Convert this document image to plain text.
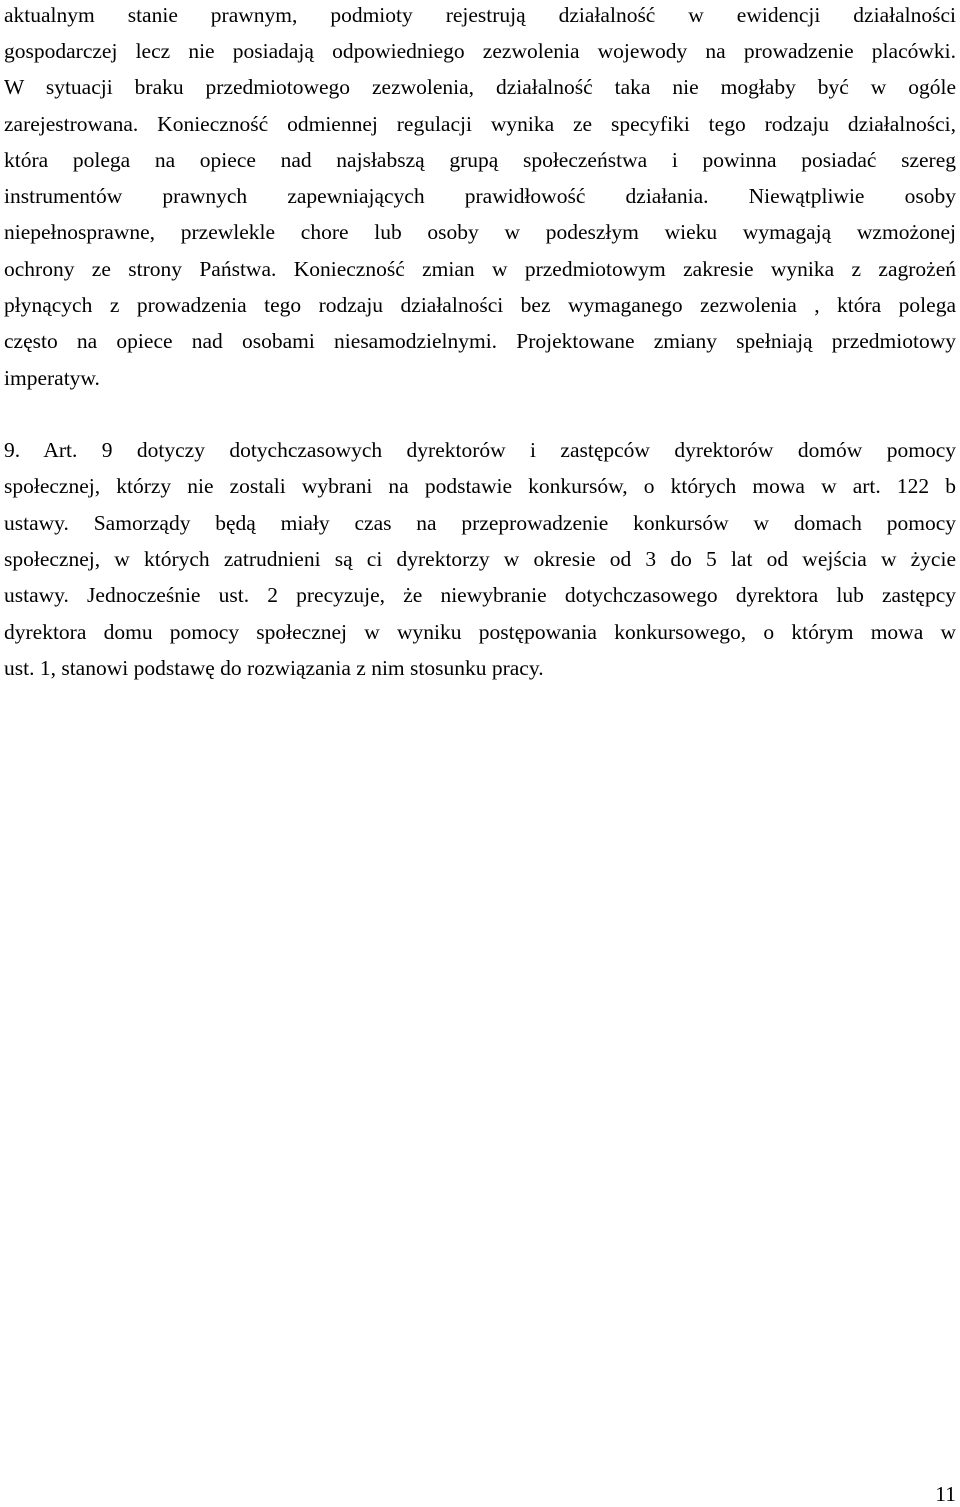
aktualnym stanie prawnym, podmioty rejestrują działalność w ewidencji działalności
gospodarczej lecz nie posiadają odpowiedniego zezwolenia wojewody na prowadzenie placówki.
W sytuacji braku przedmiotowego zezwolenia, działalność taka nie mogłaby być w ogóle
zarejestrowana. Konieczność odmiennej regulacji wynika ze specyfiki tego rodzaju działalności,
która polega na opiece nad najsłabszą grupą społeczeństwa i powinna posiadać szereg
instrumentów prawnych zapewniających prawidłowość działania. Niewątpliwie osoby
niepełnosprawne, przewlekle chore lub osoby w podeszłym wieku wymagają wzmożonej
ochrony ze strony Państwa. Konieczność zmian w przedmiotowym zakresie wynika z zagrożeń
płynących z prowadzenia tego rodzaju działalności bez wymaganego zezwolenia , która polega
często na opiece nad osobami niesamodzielnymi. Projektowane zmiany spełniają przedmiotowy
imperatyw.
9. Art. 9 dotyczy dotychczasowych dyrektorów i zastępców dyrektorów domów pomocy
społecznej, którzy nie zostali wybrani na podstawie konkursów, o których mowa w art. 122 b
ustawy. Samorządy będą miały czas na przeprowadzenie konkursów w domach pomocy
społecznej, w których zatrudnieni są ci dyrektorzy w okresie od 3 do 5 lat od wejścia w życie
ustawy. Jednocześnie ust. 2 precyzuje, że niewybranie dotychczasowego dyrektora lub zastępcy
dyrektora domu pomocy społecznej w wyniku postępowania konkursowego, o którym mowa w
ust. 1, stanowi podstawę do rozwiązania z nim stosunku pracy.
11
